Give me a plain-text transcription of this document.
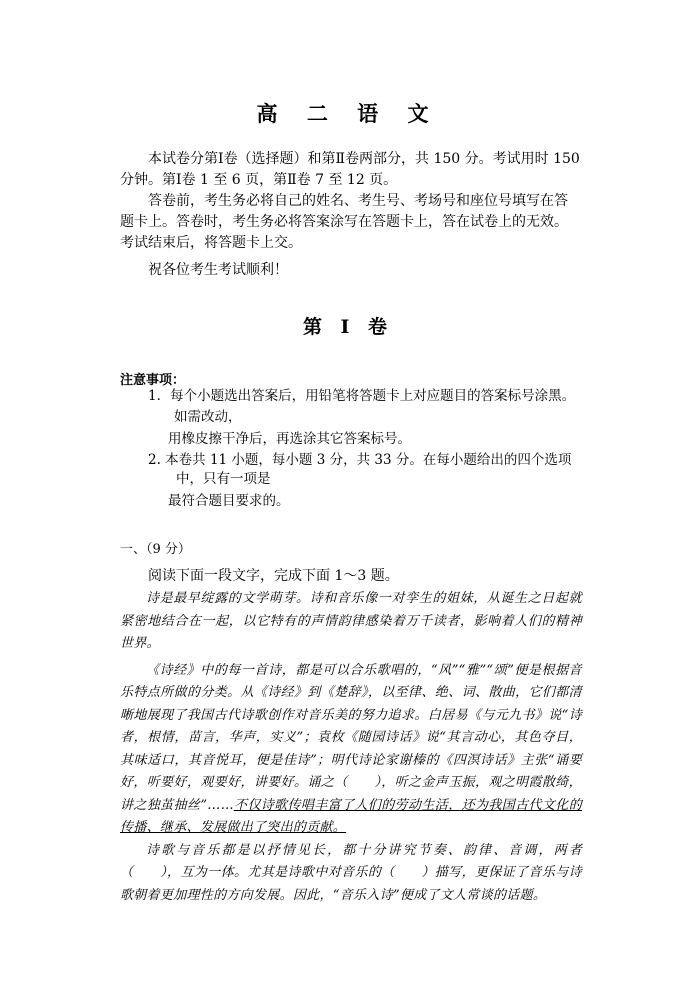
高 二 语 文

本试卷分第Ⅰ卷（选择题）和第Ⅱ卷两部分，共 150 分。考试用时 150 分钟。第Ⅰ卷 1 至 6 页，第Ⅱ卷 7 至 12 页。

答卷前，考生务必将自己的姓名、考生号、考场号和座位号填写在答题卡上。答卷时，考生务必将答案涂写在答题卡上，答在试卷上的无效。考试结束后，将答题卡上交。

祝各位考生考试顺利！

第 Ⅰ 卷
注意事项：
1．每个小题选出答案后，用铅笔将答题卡上对应题目的答案标号涂黑。
如需改动，
用橡皮擦干净后，再选涂其它答案标号。
2. 本卷共 11 小题，每小题 3 分，共 33 分。在每小题给出的四个选项
中，只有一项是
最符合题目要求的。
一、（9 分）
阅读下面一段文字，完成下面 1～3 题。

诗是最早绽露的文学萌芽。诗和音乐像一对孪生的姐妹，从诞生之日起就紧密地结合在一起，以它特有的声情韵律感染着万千读者，影响着人们的精神世界。

《诗经》中的每一首诗，都是可以合乐歌唱的，“风”“雅”“颂”便是根据音乐特点所做的分类。从《诗经》到《楚辞》，以至律、绝、词、散曲，它们都清晰地展现了我国古代诗歌创作对音乐美的努力追求。白居易《与元九书》说“诗者，根情，苗言，华声，实义”；袁枚《随园诗话》说“其言动心，其色夺目，其味适口，其音悦耳，便是佳诗”；明代诗论家谢榛的《四溟诗话》主张“诵要好，听要好，观要好，讲要好。诵之（　　），听之金声玉振，观之明霞散绮，讲之独茧抽丝”……不仅诗歌传唱丰富了人们的劳动生活，还为我国古代文化的传播、继承、发展做出了突出的贡献。

诗歌与音乐都是以抒情见长，都十分讲究节奏、韵律、音调，两者（　　），互为一体。尤其是诗歌中对音乐的（　　）描写，更保证了音乐与诗歌朝着更加理性的方向发展。因此，“音乐入诗”便成了文人常谈的话题。
